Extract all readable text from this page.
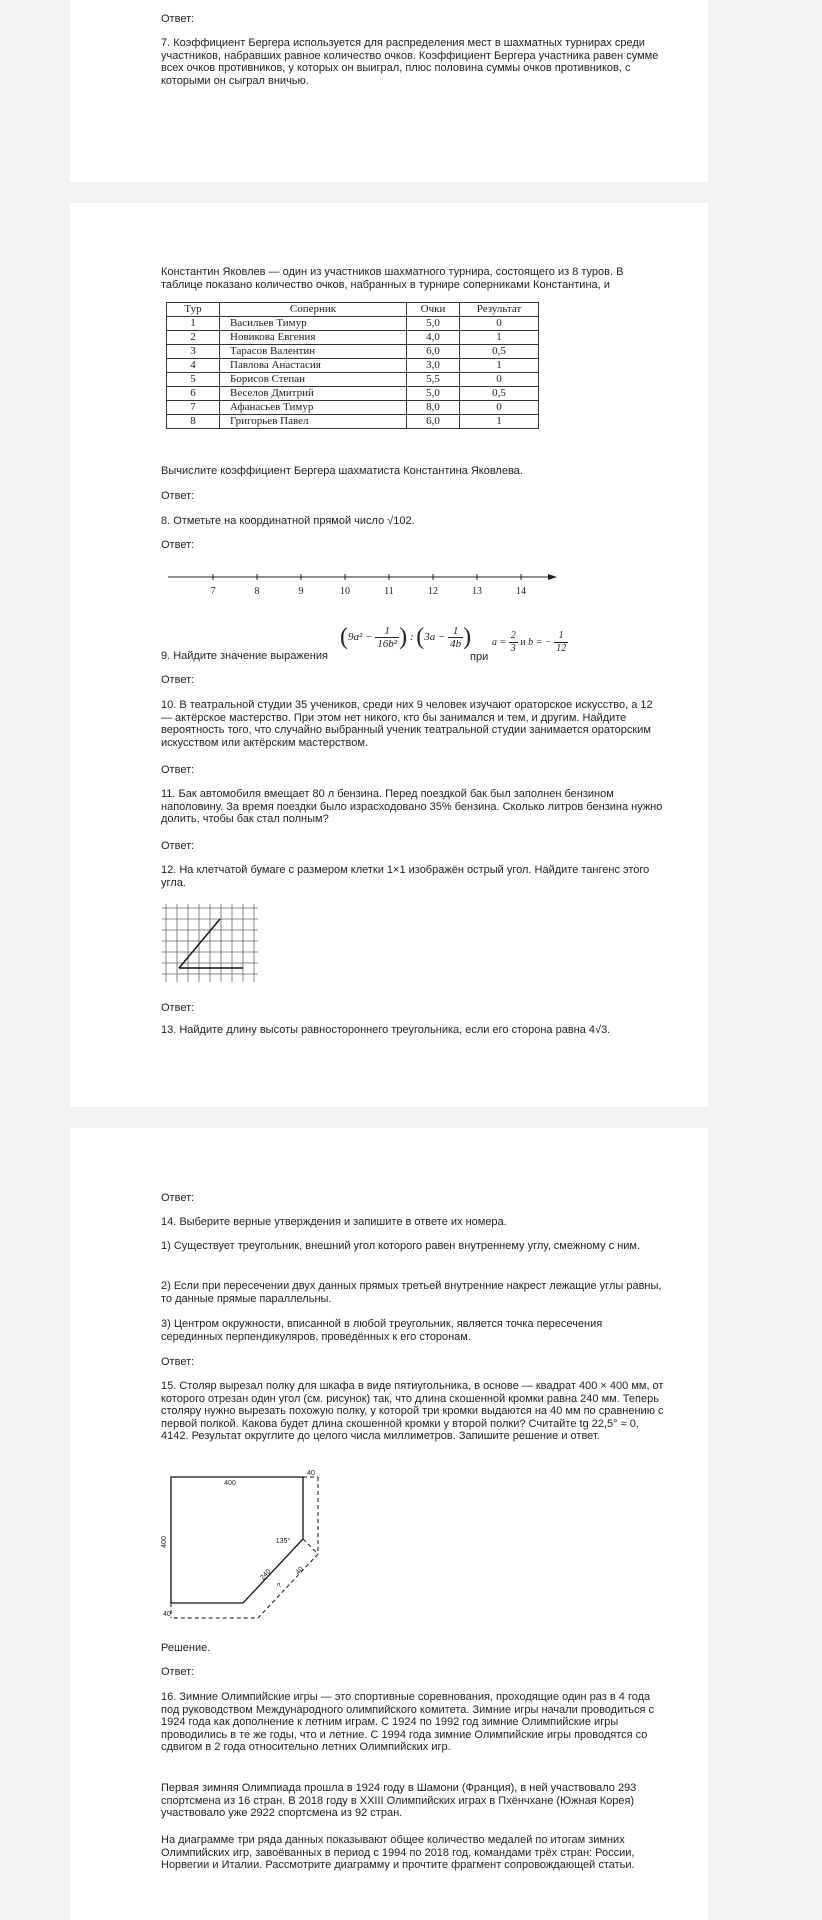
Ответ:
7. Коэффициент Бергера используется для распределения мест в шахматных турнирах среди участников, набравших равное количество очков. Коэффициент Бергера участника равен сумме всех очков противников, у которых он выиграл, плюс половина суммы очков противников, с которыми он сыграл вничью.
Константин Яковлев — один из участников шахматного турнира, состоящего из 8 туров. В таблице показано количество очков, набранных в турнире соперниками Константина, и
Тур	Соперник	Очки	Результат
1	Васильев Тимур	5,0	0
2	Новикова Евгения	4,0	1
3	Тарасов Валентин	6,0	0,5
4	Павлова Анастасия	3,0	1
5	Борисов Степан	5,5	0
6	Веселов Дмитрий	5,0	0,5
7	Афанасьев Тимур	8,0	0
8	Григорьев Павел	6,0	1
Вычислите коэффициент Бергера шахматиста Константина Яковлева.
Ответ:
8. Отметьте на координатной прямой число √102.
Ответ:
7	8	9	10	11	12	13	14
9. Найдите значение выражения
($9a^2 - \frac{1}{\text{16b²}}$ ) : ($3a - \frac{1}{4b}$ )
при
$a = \frac{2}{3}$ и b = − $\frac{1}{12}$
Ответ:
10. В театральной студии 35 учеников, среди них 9 человек изучают ораторское искусство, а 12 — актёрское мастерство. При этом нет никого, кто бы занимался и тем, и другим. Найдите вероятность того, что случайно выбранный ученик театральной студии занимается ораторским искусством или актёрским мастерством.
Ответ:
11. Бак автомобиля вмещает 80 л бензина. Перед поездкой бак был заполнен бензином наполовину. За время поездки было израсходовано 35% бензина. Сколько литров бензина нужно долить, чтобы бак стал полным?
Ответ:
12. На клетчатой бумаге с размером клетки 1×1 изображён острый угол. Найдите тангенс этого угла.
Ответ:
13. Найдите длину высоты равностороннего треугольника, если его сторона равна 4√3.
Ответ:
14. Выберите верные утверждения и запишите в ответе их номера.
1) Существует треугольник, внешний угол которого равен внутреннему углу, смежному с ним.
2) Если при пересечении двух данных прямых третьей внутренние накрест лежащие углы равны, то данные прямые параллельны.
3) Центром окружности, вписанной в любой треугольник, является точка пересечения серединных перпендикуляров, проведённых к его сторонам.
Ответ:
15. Столяр вырезал полку для шкафа в виде пятиугольника, в основе — квадрат 400 × 400 мм, от которого отрезан один угол (см. рисунок) так, что длина скошенной кромки равна 240 мм. Теперь столяру нужно вырезать похожую полку, у которой три кромки выдаются на 40 мм по сравнению с первой полкой. Какова будет длина скошенной кромки у второй полки? Считайте tg 22,5° ≈ 0, 4142. Результат округлите до целого числа миллиметров. Запишите решение и ответ.
400
400
40
40
135°
240
?
40
Решение.
Ответ:
16. Зимние Олимпийские игры — это спортивные соревнования, проходящие один раз в 4 года под руководством Международного олимпийского комитета. Зимние игры начали проводиться с 1924 года как дополнение к летним играм. С 1924 по 1992 год зимние Олимпийские игры проводились в те же годы, что и летние. С 1994 года зимние Олимпийские игры проводятся со сдвигом в 2 года относительно летних Олимпийских игр.
Первая зимняя Олимпиада прошла в 1924 году в Шамони (Франция), в ней участвовало 293 спортсмена из 16 стран. В 2018 году в XXIII Олимпийских играх в Пхёнчхане (Южная Корея) участвовало уже 2922 спортсмена из 92 стран.
На диаграмме три ряда данных показывают общее количество медалей по итогам зимних Олимпийских игр, завоёванных в период с 1994 по 2018 год, командами трёх стран: России, Норвегии и Италии. Рассмотрите диаграмму и прочтите фрагмент сопровождающей статьи.
